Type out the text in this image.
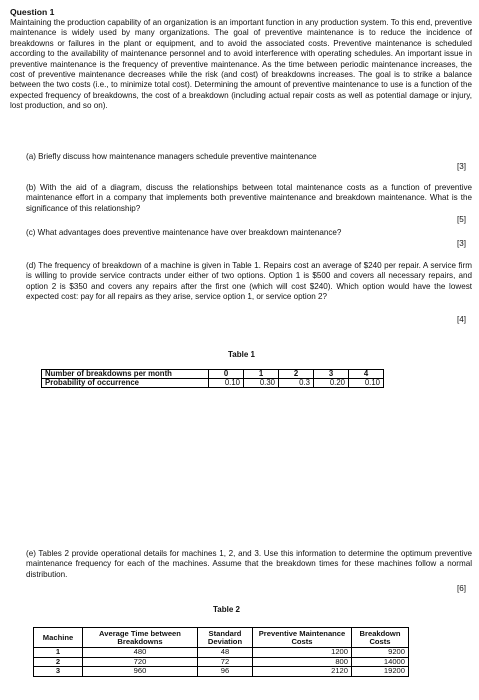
Question 1
Maintaining the production capability of an organization is an important function in any production system. To this end, preventive maintenance is widely used by many organizations. The goal of preventive maintenance is to reduce the incidence of breakdowns or failures in the plant or equipment, and to avoid the associated costs. Preventive maintenance is scheduled according to the availability of maintenance personnel and to avoid interference with operating schedules. An important issue in preventive maintenance is the frequency of preventive maintenance. As the time between periodic maintenance increases, the cost of preventive maintenance decreases while the risk (and cost) of breakdowns increases. The goal is to strike a balance between the two costs (i.e., to minimize total cost). Determining the amount of preventive maintenance to use is a function of the expected frequency of breakdowns, the cost of a breakdown (including actual repair costs as well as potential damage or injury, lost production, and so on).
(a) Briefly discuss how maintenance managers schedule preventive maintenance
[3]
(b) With the aid of a diagram, discuss the relationships between total maintenance costs as a function of preventive maintenance effort in a company that implements both preventive maintenance and breakdown maintenance. What is the significance of this relationship?
[5]
(c) What advantages does preventive maintenance have over breakdown maintenance?
[3]
(d) The frequency of breakdown of a machine is given in Table 1. Repairs cost an average of $240 per repair. A service firm is willing to provide service contracts under either of two options. Option 1 is $500 and covers all necessary repairs, and option 2 is $350 and covers any repairs after the first one (which will cost $240). Which option would have the lowest expected cost: pay for all repairs as they arise, service option 1, or service option 2?
[4]
Table 1
Number of breakdowns per month	0	1	2	3	4
Probability of occurrence	0.10	0.30	0.3	0.20	0.10
(e) Tables 2 provide operational details for machines 1, 2, and 3. Use this information to determine the optimum preventive maintenance frequency for each of the machines. Assume that the breakdown times for these machines follow a normal distribution.
[6]
Table 2
Machine	Average Time between Breakdowns	Standard Deviation	Preventive Maintenance Costs	Breakdown Costs
1	480	48	1200	9200
2	720	72	800	14000
3	960	96	2120	19200
